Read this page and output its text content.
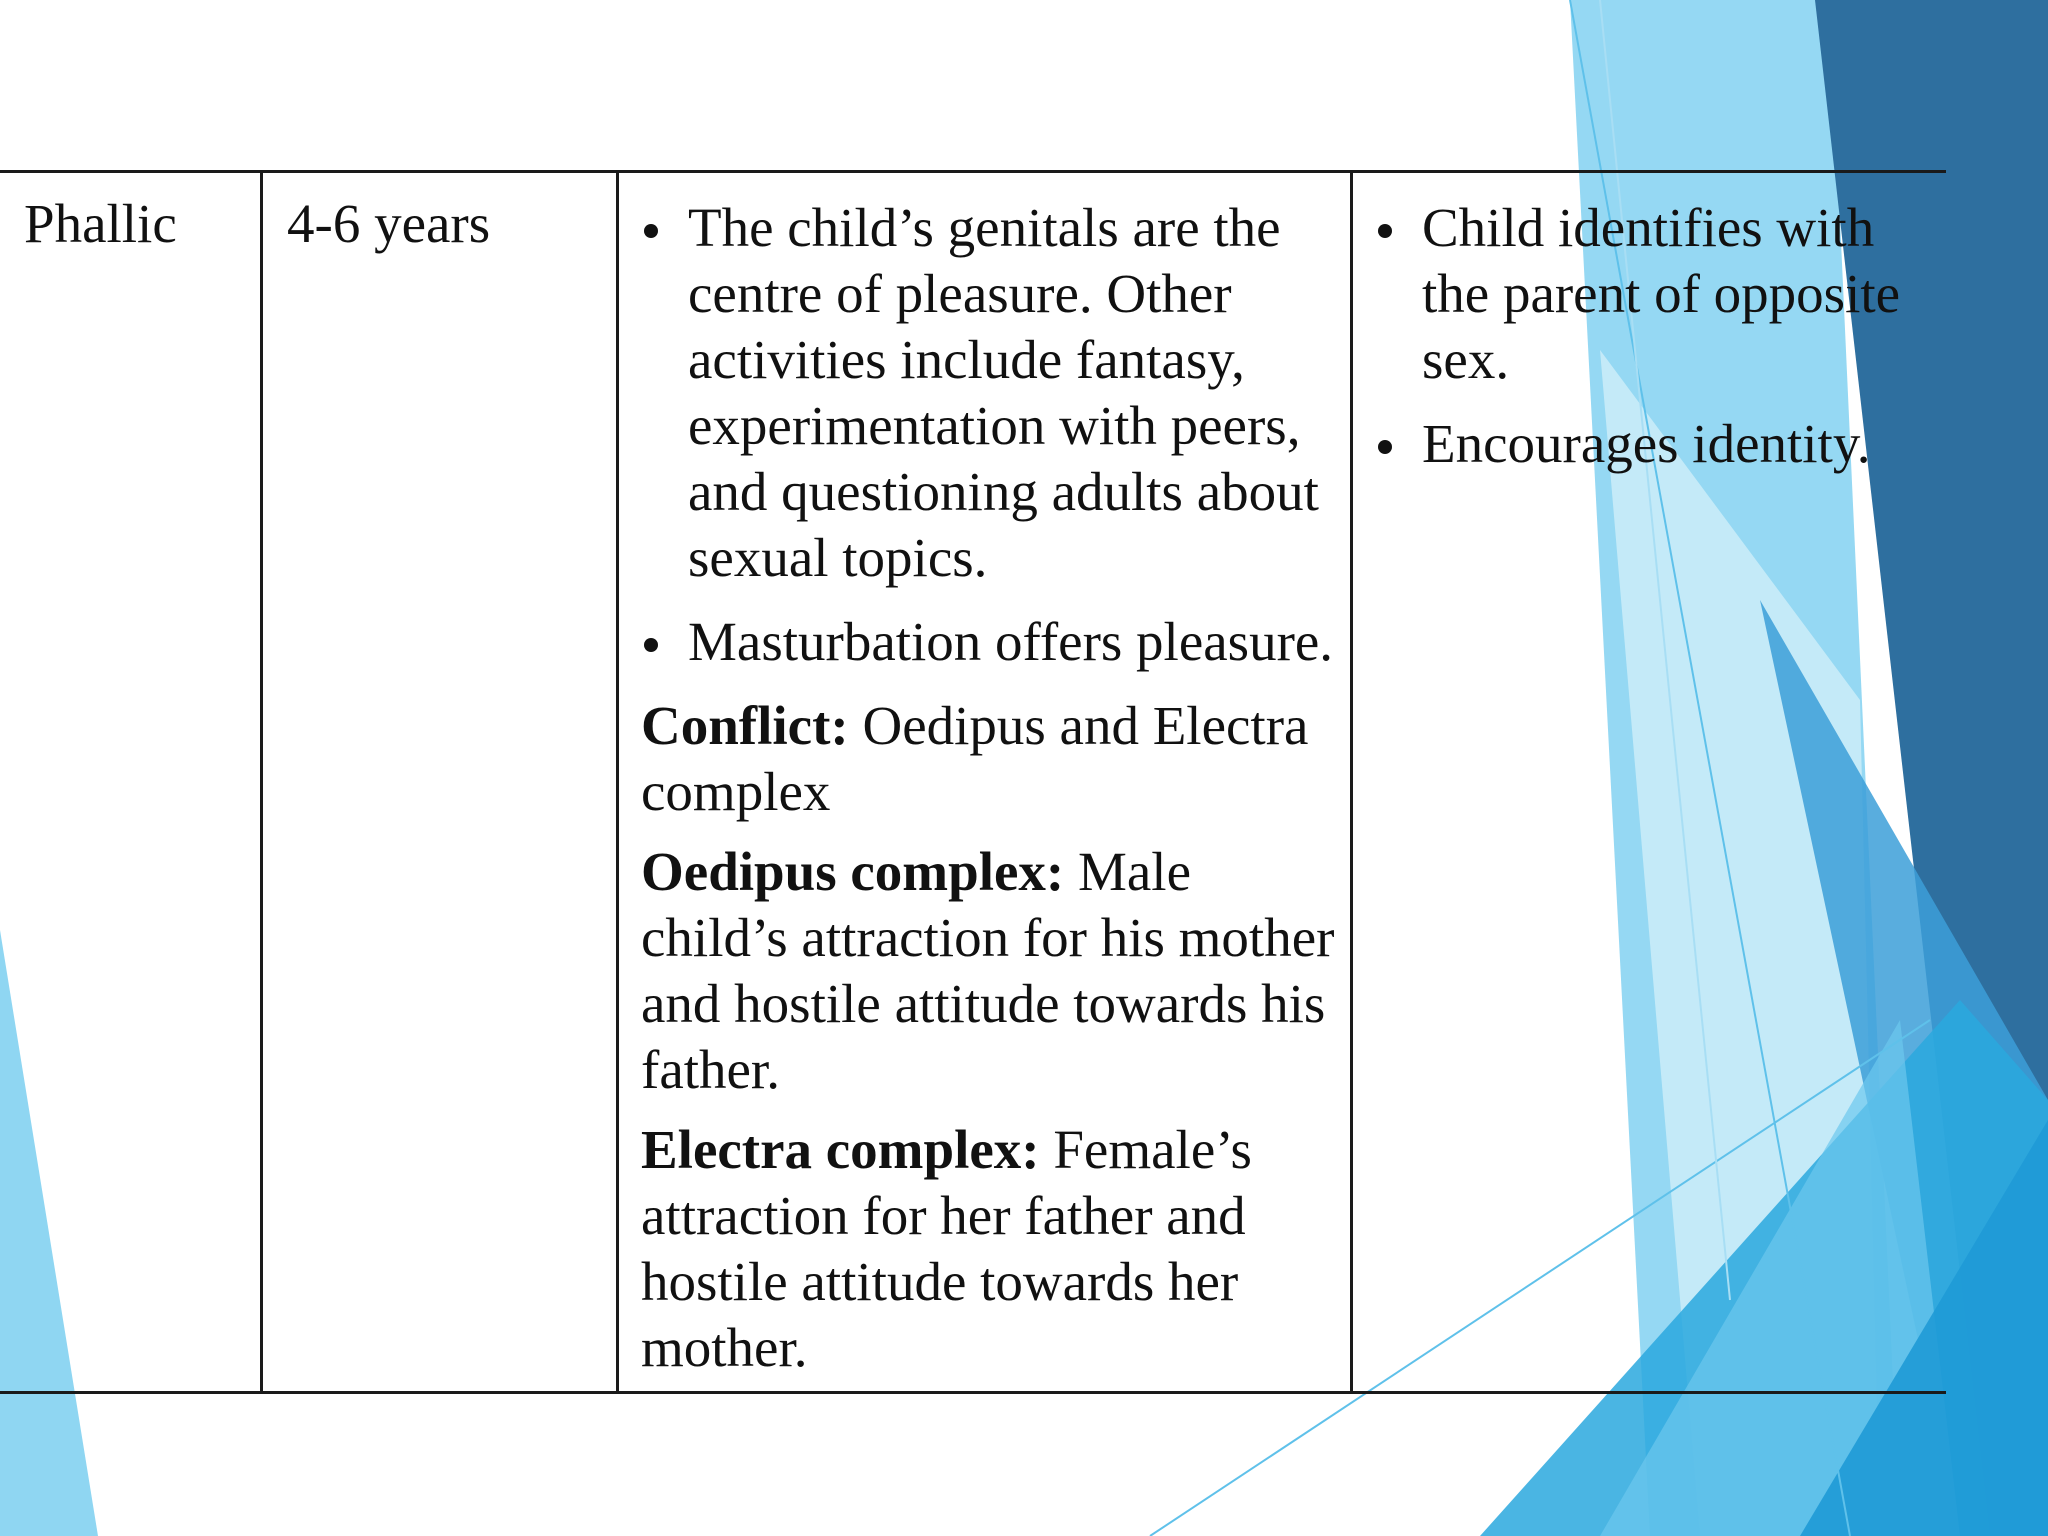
Phallic	4-6 years	The child’s genitals are the centre of pleasure. Other activities include fantasy, experimentation with peers, and questioning adults about sexual topics.
Masturbation offers pleasure.
Conflict: Oedipus and Electra complex
Oedipus complex: Male child’s attraction for his mother and hostile attitude towards his father.
Electra complex: Female’s attraction for her father and hostile attitude towards her mother.
Child identifies with the parent of opposite sex.
Encourages identity.
